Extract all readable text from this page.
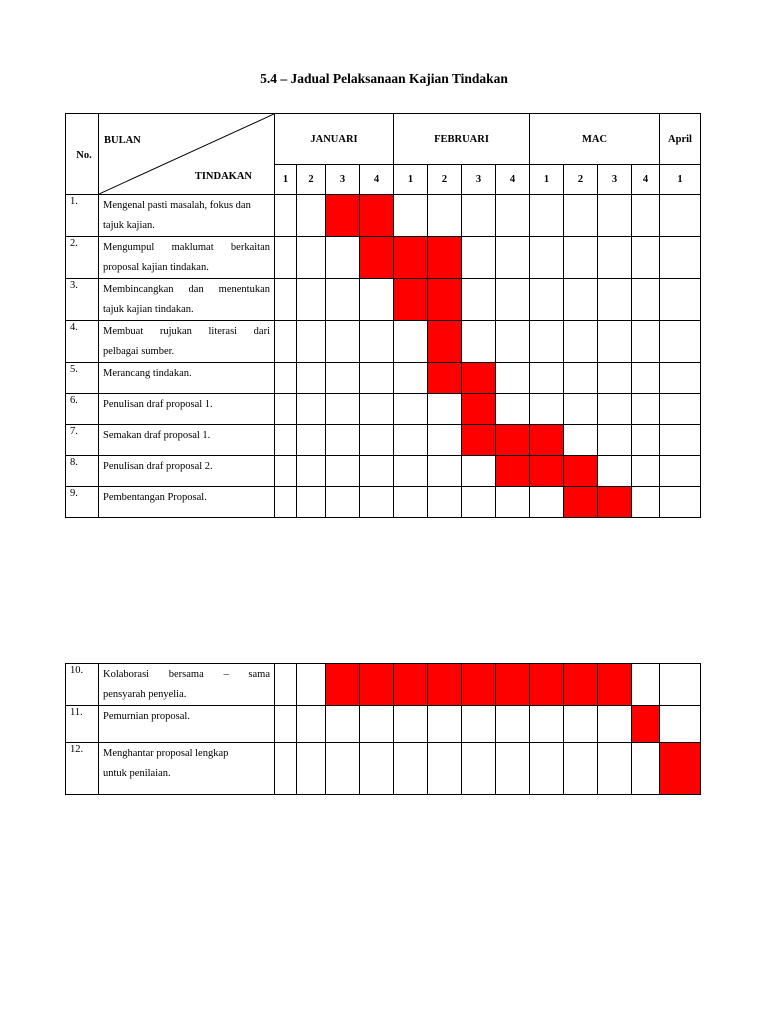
5.4 – Jadual Pelaksanaan Kajian Tindakan
No.	BULAN
TINDAKAN	JANUARI				FEBRUARI				MAC				April
		1	2	3	4	1	2	3	4	1	2	3	4	1
1.	Mengenal pasti masalah, fokus dan
tajuk kajian.													

2.	Mengumpul maklumat berkaitan
proposal kajian tindakan.													

3.	Membincangkan dan menentukan
tajuk kajian tindakan.													

4.	Membuat rujukan literasi dari
pelbagai sumber.													

5.	Merancang tindakan.													

6.	Penulisan draf proposal 1.													

7.	Semakan draf proposal 1.													

8.	Penulisan draf proposal 2.													

9.	Pembentangan Proposal.													

10.	Kolaborasi bersama – sama
pensyarah penyelia.													

11.	Pemurnian proposal.													

12.	Menghantar proposal lengkap
untuk penilaian.													
